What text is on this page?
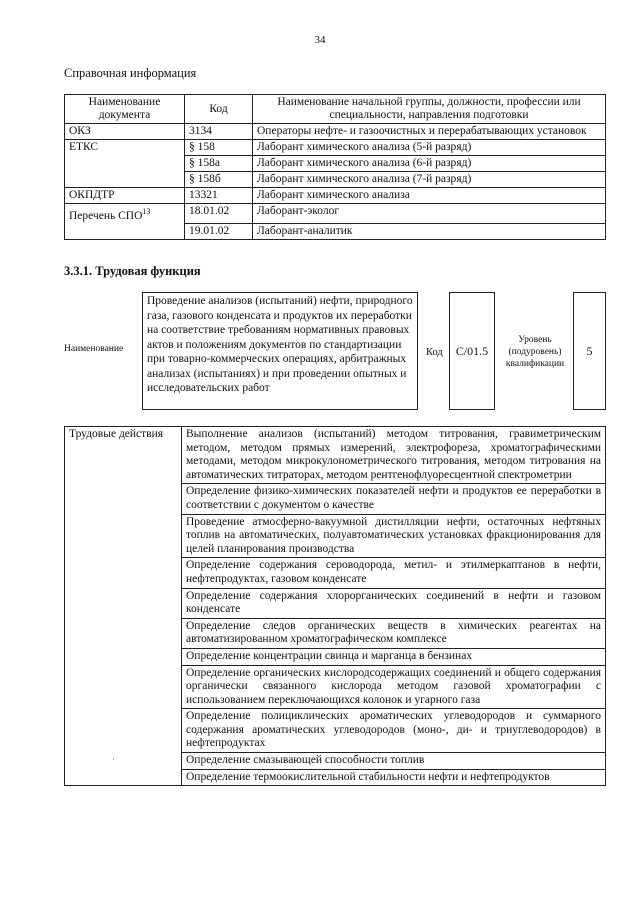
34
Справочная информация
Наименование документа	Код	Наименование начальной группы, должности, профессии или специальности, направления подготовки
ОКЗ	3134	Операторы нефте- и газоочистных и перерабатывающих установок
ЕТКС	§ 158	Лаборант химического анализа (5-й разряд)
	§ 158а	Лаборант химического анализа (6-й разряд)
	§ 158б	Лаборант химического анализа (7-й разряд)
ОКПДТР	13321	Лаборант химического анализа
Перечень СПО$^{13}$	18.01.02	Лаборант-эколог
	19.01.02	Лаборант-аналитик
3.3.1. Трудовая функция
Наименование
Проведение анализов (испытаний) нефти, природного газа, газового конденсата и продуктов их переработки на соответствие требованиям нормативных правовых актов и положениям документов по стандартизации при товарно-коммерческих операциях, арбитражных анализах (испытаниях) и при проведении опытных и исследовательских работ
Код	С/01.5
Уровень (подуровень) квалификации
5
Трудовые действия	Выполнение анализов (испытаний) методом титрования, гравиметрическим методом, методом прямых измерений, электрофореза, хроматографическими методами, методом микрокулонометрического титрования, методом титрования на автоматических титраторах, методом рентгенофлуоресцентной спектрометрии
Определение физико-химических показателей нефти и продуктов ее переработки в соответствии с документом о качестве
Проведение атмосферно-вакуумной дистилляции нефти, остаточных нефтяных топлив на автоматических, полуавтоматических установках фракционирования для целей планирования производства
Определение содержания сероводорода, метил- и этилмеркаптанов в нефти, нефтепродуктах, газовом конденсате
Определение содержания хлорорганических соединений в нефти и газовом конденсате
Определение следов органических веществ в химических реагентах на автоматизированном хроматографическом комплексе
Определение концентрации свинца и марганца в бензинах
Определение органических кислородсодержащих соединений и общего содержания органически связанного кислорода методом газовой хроматографии с использованием переключающихся колонок и угарного газа
Определение полициклических ароматических углеводородов и суммарного содержания ароматических углеводородов (моно-, ди- и триуглеводородов) в нефтепродуктах
Определение смазывающей способности топлив
Определение термоокислительной стабильности нефти и нефтепродуктов
·
